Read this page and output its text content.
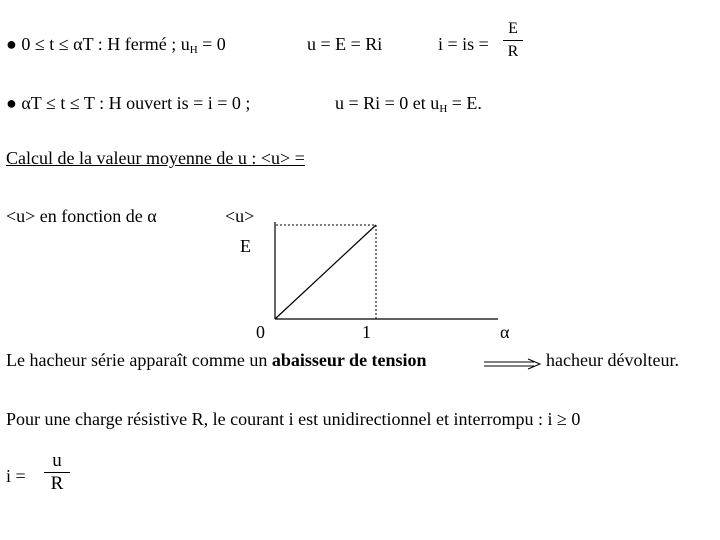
● 0 ≤ t ≤ αT : H fermé ; $u_H = 0$	u = E = Ri	i = is =
E
R
● αT ≤ t ≤ T : H ouvert is = i = 0 ;	u = Ri = 0 et $u_H = E$.
Calcul de la valeur moyenne de u : <u> =
<u> en fonction de α	<u>
E
0	1	α
Le hacheur série apparaît comme un abaisseur de tension	hacheur dévolteur.
Pour une charge résistive R, le courant i est unidirectionnel et interrompu : i ≥ 0
i =
u
R
